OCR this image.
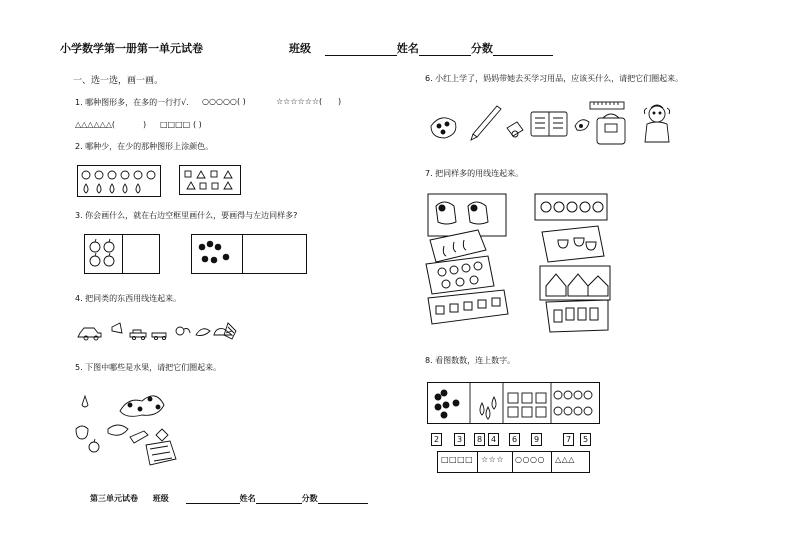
小学数学第一册第一单元试卷	班级	姓名	分数
一、选一选，画一画。
1. 哪种图形多，在多的一行打√. ○○○○○ ( )	☆☆☆☆☆☆( )
△△△△△△(	) □□□□ ( )
2. 哪种少，在少的那种图形上涂颜色。
3. 你会画什么，就在右边空框里画什么，要画得与左边同样多?
4. 把同类的东西用线连起来。
5. 下图中哪些是水果，请把它们圈起来。
第三单元试卷 班级	姓名	分数
6. 小红上学了，妈妈带她去买学习用品，应该买什么，请把它们圈起来。
7. 把同样多的用线连起来。
8. 看图数数，连上数字。
2	3	8	4	6	9	7	5
□□□□ ☆☆☆ ○○○○ △△△
